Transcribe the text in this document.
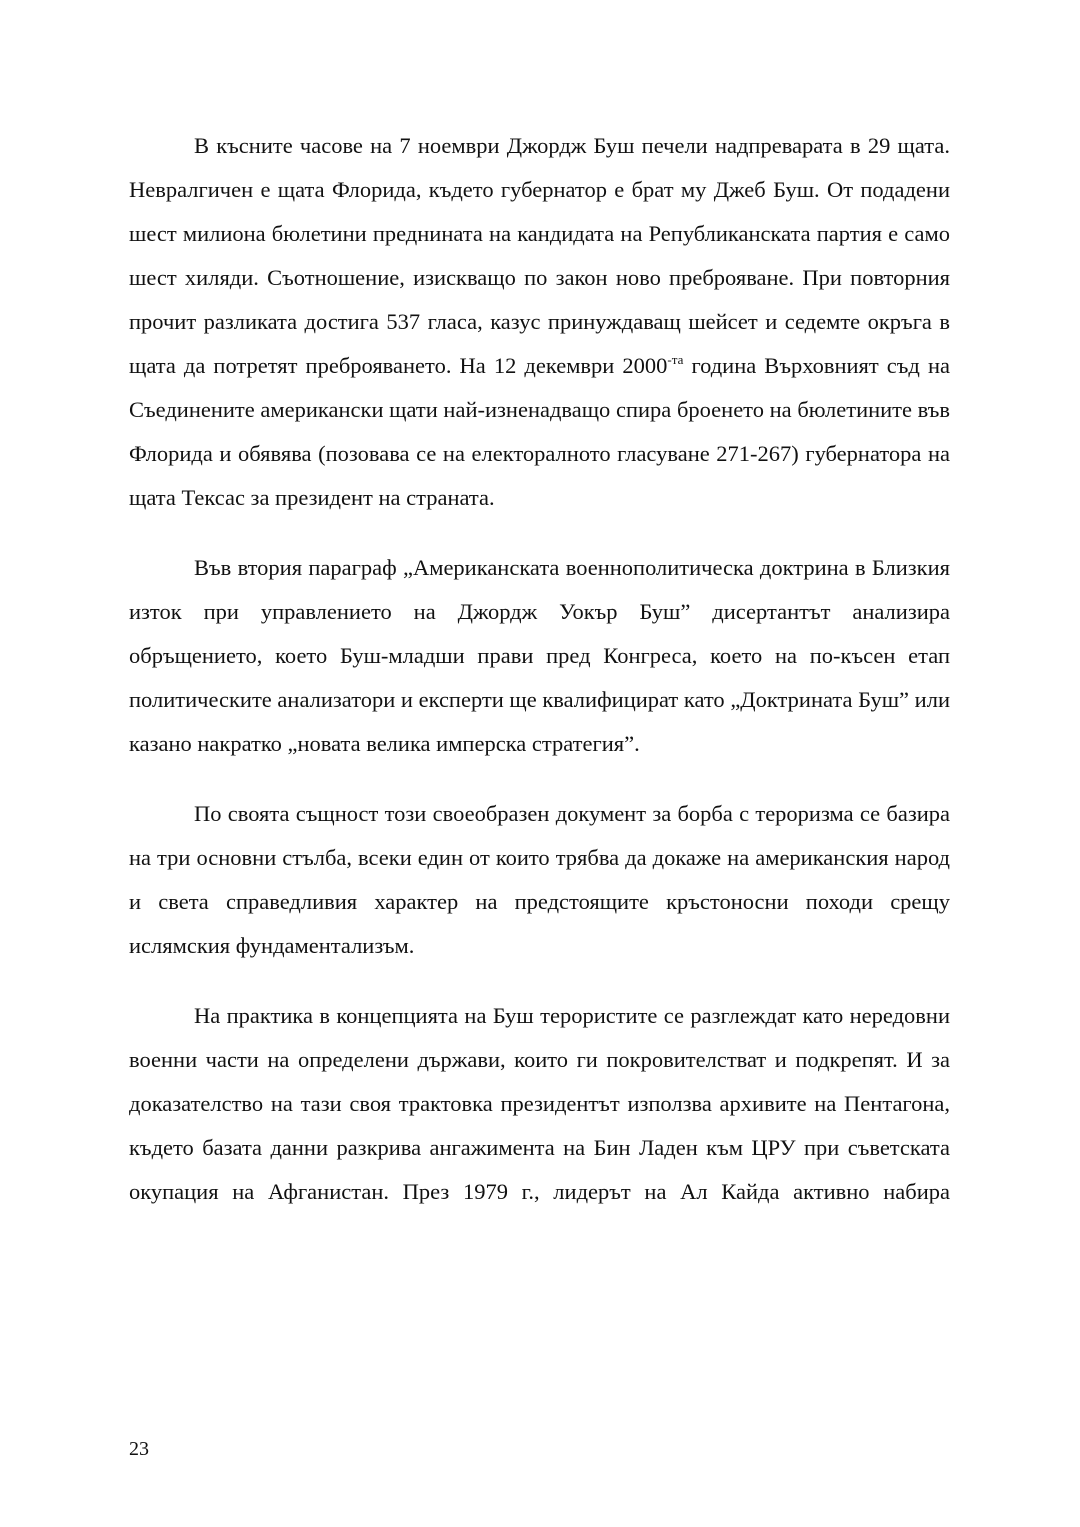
В късните часове на 7 ноември Джордж Буш печели надпреварата в 29 щата. Невралгичен е щата Флорида, където губернатор е брат му Джеб Буш. От подадени шест милиона бюлетини преднината на кандидата на Републиканската партия е само шест хиляди. Съотношение, изискващо по закон ново преброяване. При повторния прочит разликата достига 537 гласа, казус принуждаващ шейсет и седемте окръга в щата да потретят преброяването. На 12 декември $2000^{-та}$ година Върховният съд на Съединените американски щати най-изненадващо спира броенето на бюлетините във Флорида и обявява (позовава се на електоралното гласуване 271-267) губернатора на щата Тексас за президент на страната.

Във втория параграф „Американската военнополитическа доктрина в Близкия изток при управлението на Джордж Уокър Буш” дисертантът анализира обръщението, което Буш-младши прави пред Конгреса, което на по-късен етап политическите анализатори и експерти ще квалифицират като „Доктрината Буш” или казано накратко „новата велика имперска стратегия”.

По своята същност този своеобразен документ за борба с тероризма се базира на три основни стълба, всеки един от които трябва да докаже на американския народ и света справедливия характер на предстоящите кръстоносни походи срещу ислямския фундаментализъм.

На практика в концепцията на Буш терористите се разглеждат като нередовни военни части на определени държави, които ги покровителстват и подкрепят. И за доказателство на тази своя трактовка президентът използва архивите на Пентагона, където базата данни разкрива ангажимента на Бин Ладен към ЦРУ при съветската окупация на Афганистан. През 1979 г., лидерът на Ал Кайда активно набира

23
